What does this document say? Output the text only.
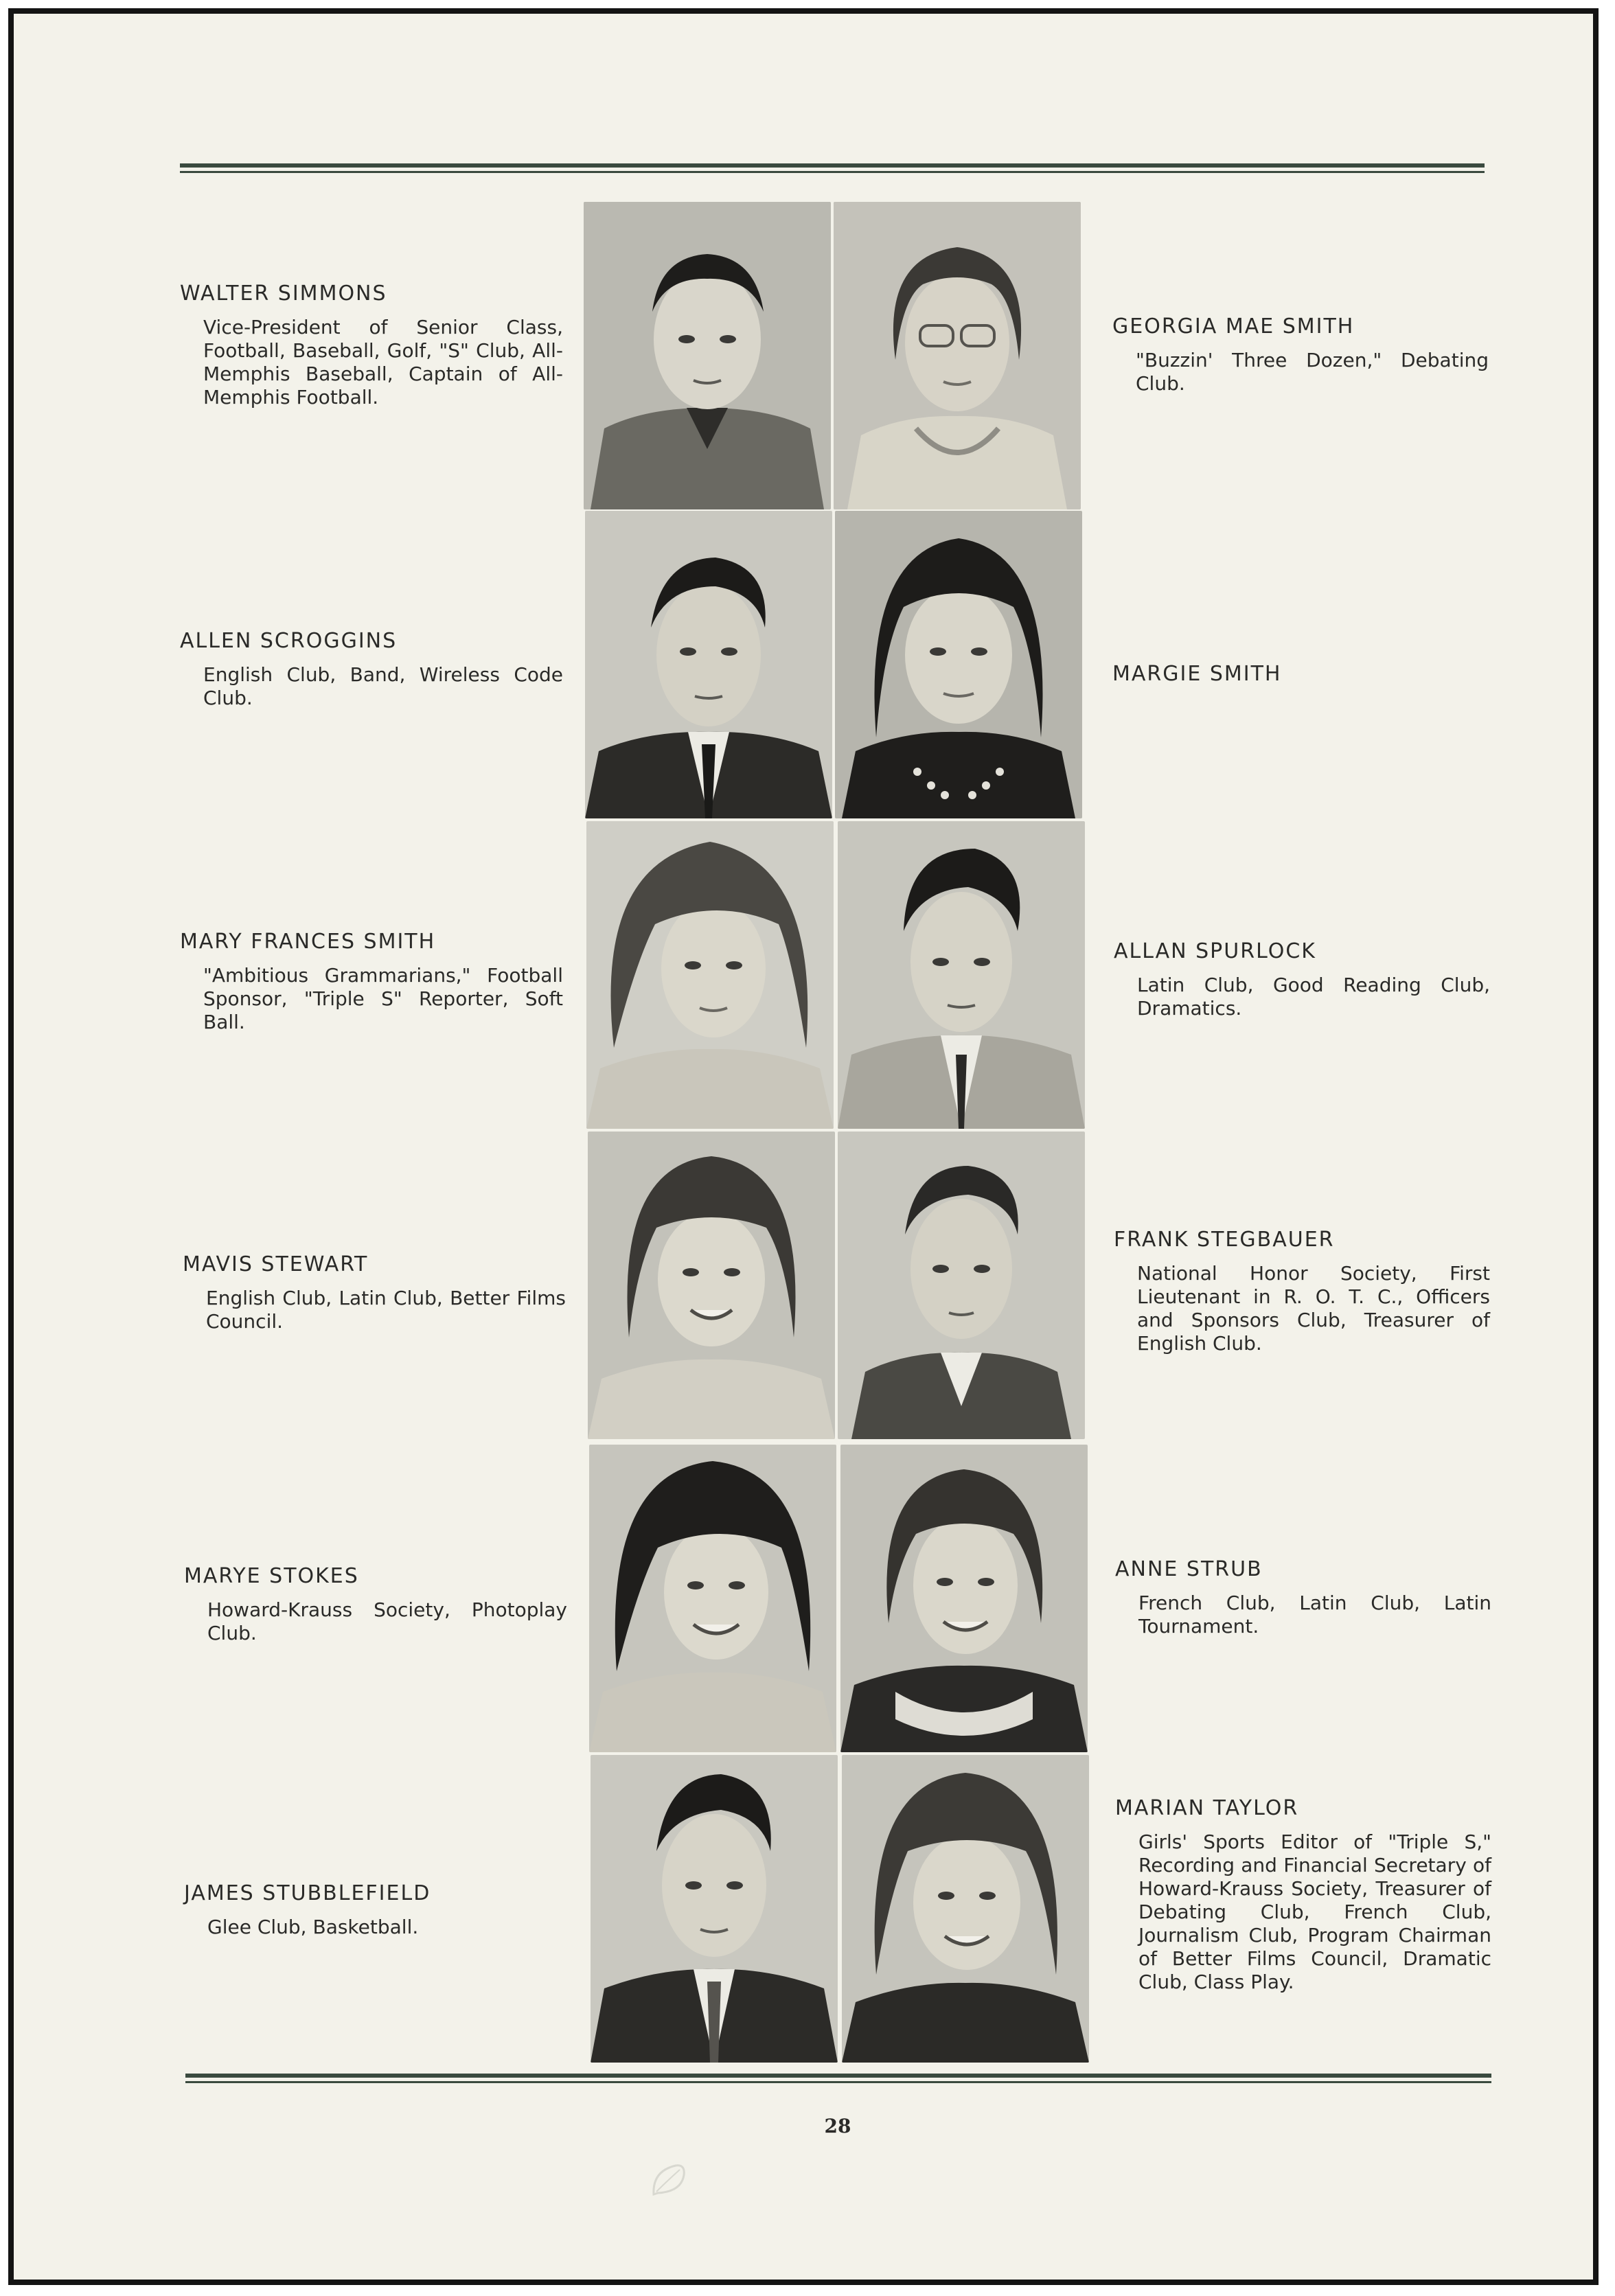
WALTER SIMMONS
Vice-President of Senior Class, Football, Baseball, Golf, "S" Club, All-Memphis Baseball, Captain of All-Memphis Football.
ALLEN SCROGGINS
English Club, Band, Wireless Code Club.
MARY FRANCES SMITH
"Ambitious Grammarians," Football Sponsor, "Triple S" Reporter, Soft Ball.
MAVIS STEWART
English Club, Latin Club, Better Films Council.
MARYE STOKES
Howard-Krauss Society, Photoplay Club.
JAMES STUBBLEFIELD
Glee Club, Basketball.
GEORGIA MAE SMITH
"Buzzin' Three Dozen," Debating Club.
MARGIE SMITH
ALLAN SPURLOCK
Latin Club, Good Reading Club, Dramatics.
FRANK STEGBAUER
National Honor Society, First Lieutenant in R. O. T. C., Officers and Sponsors Club, Treasurer of English Club.
ANNE STRUB
French Club, Latin Club, Latin Tournament.
MARIAN TAYLOR
Girls' Sports Editor of "Triple S," Recording and Financial Secretary of Howard-Krauss Society, Treasurer of Debating Club, French Club, Journalism Club, Program Chairman of Better Films Council, Dramatic Club, Class Play.
28
